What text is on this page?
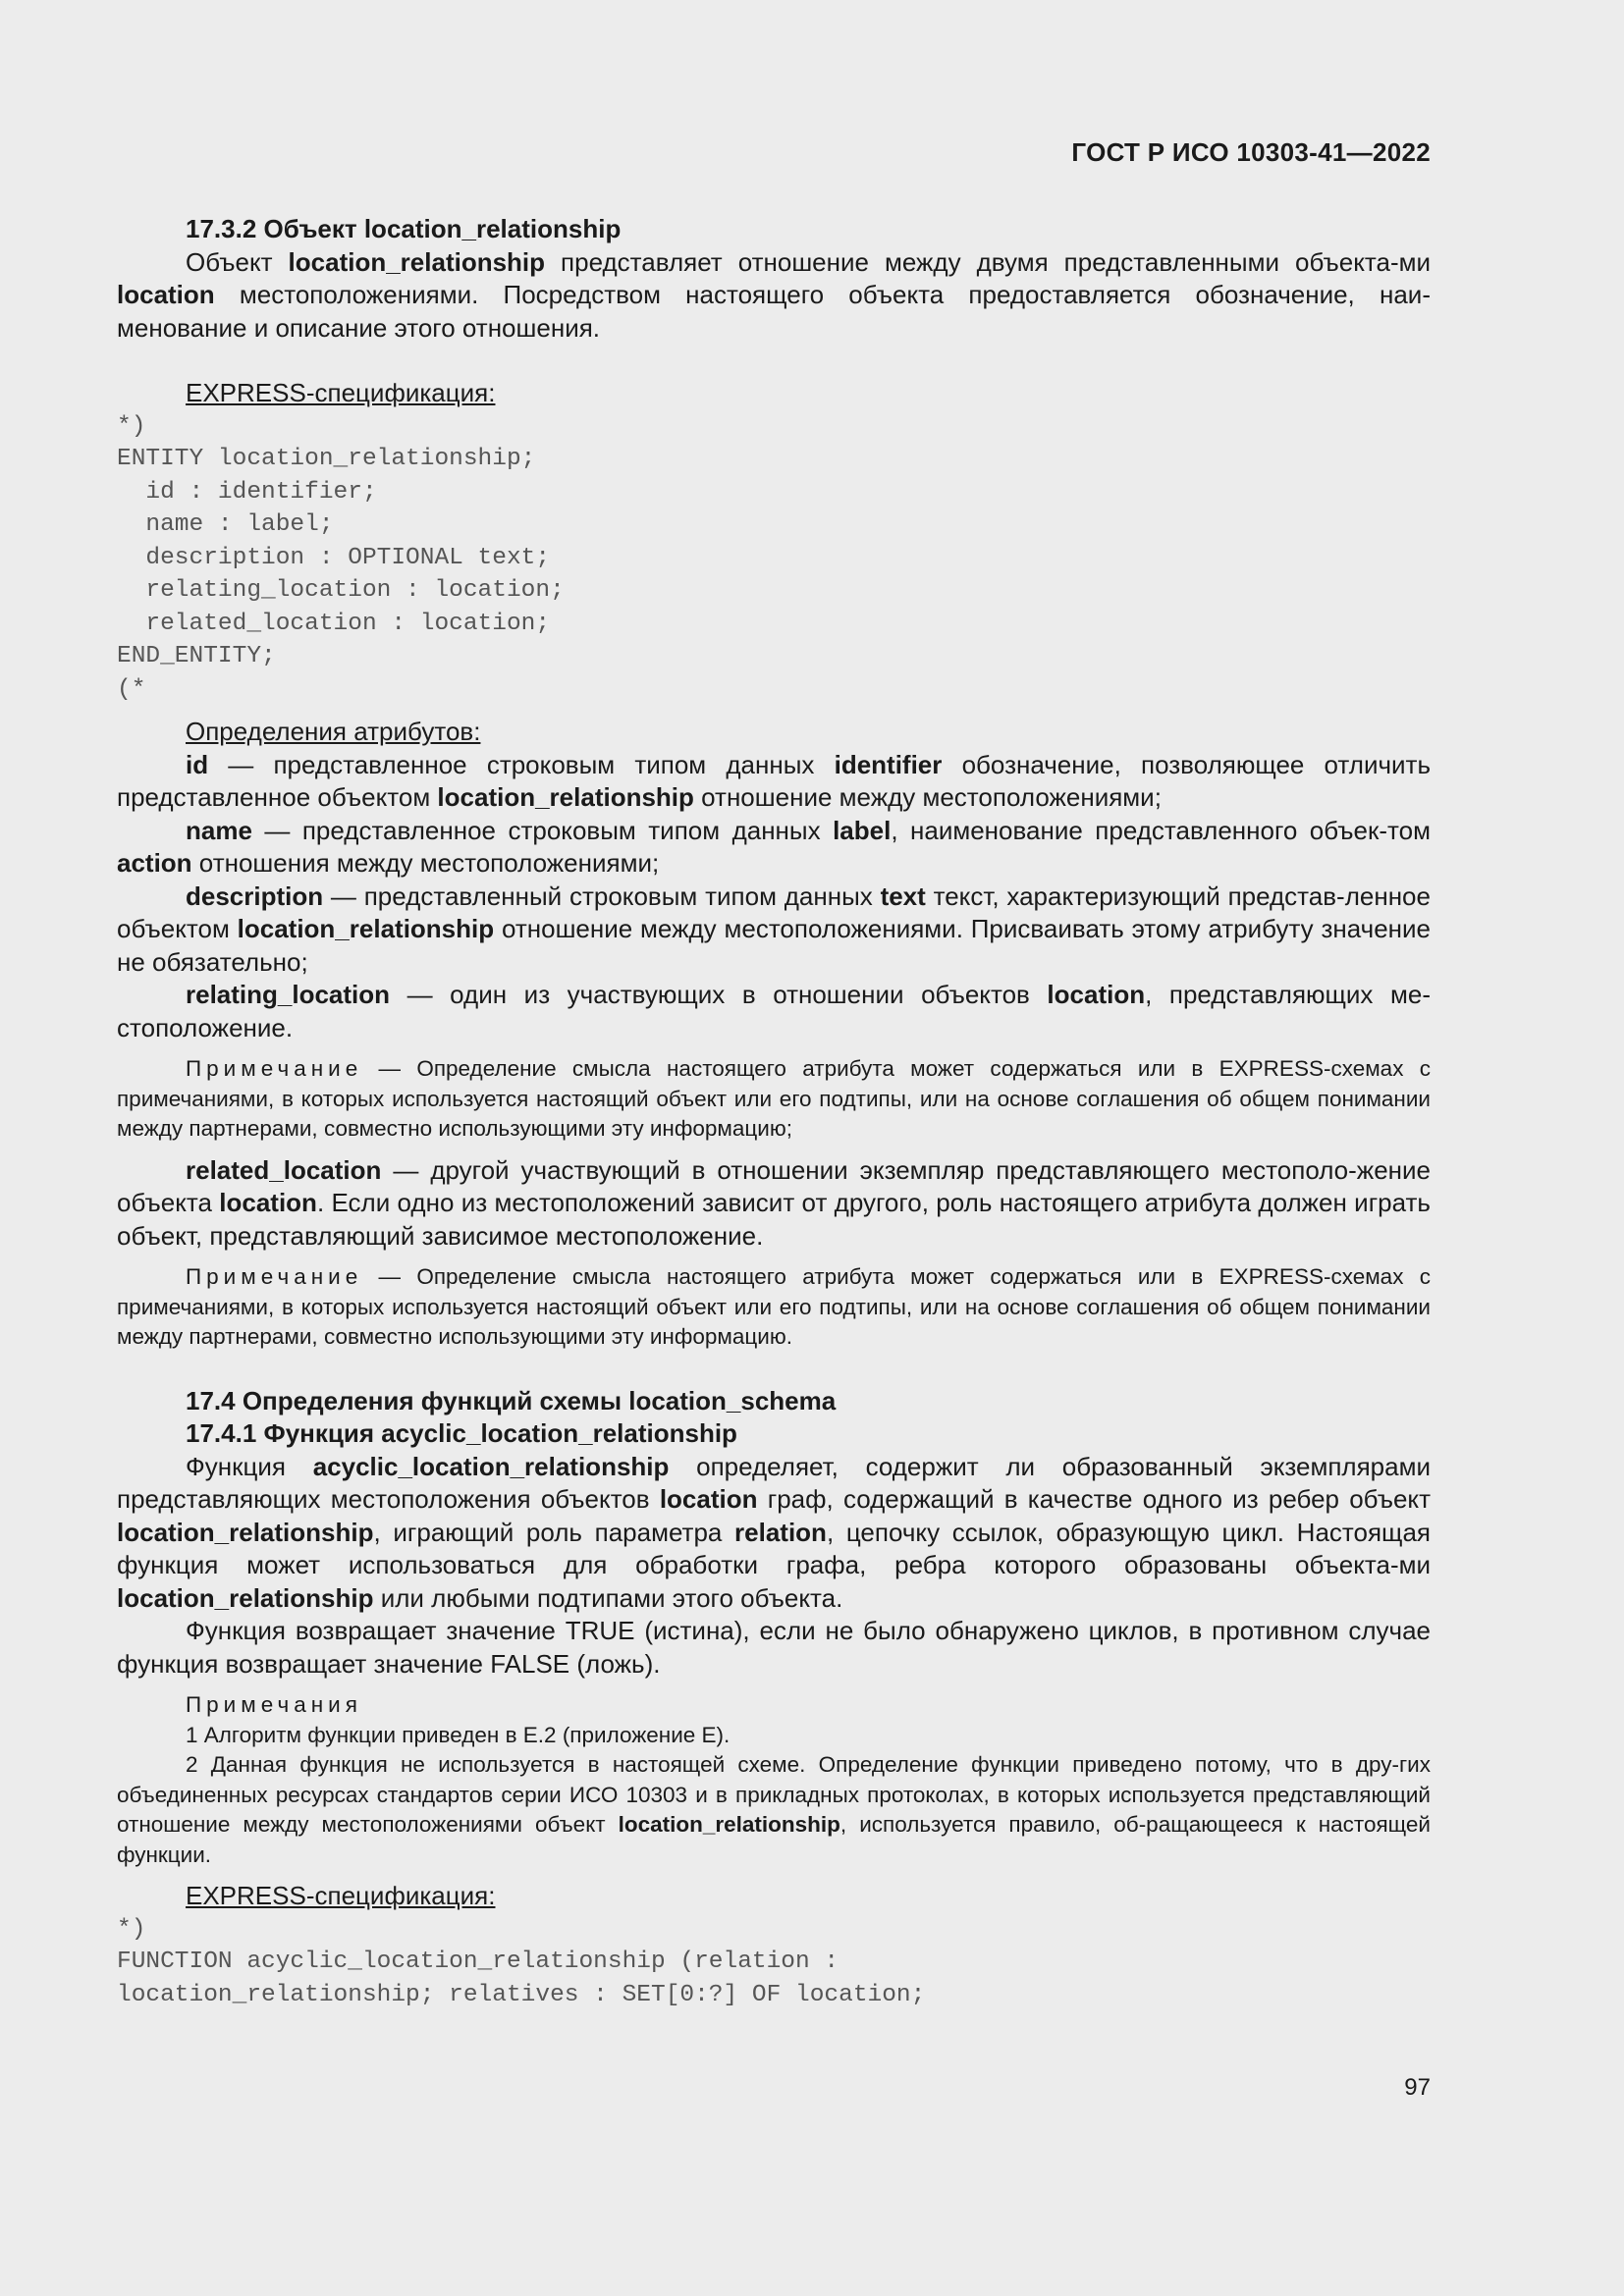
ГОСТ Р ИСО 10303-41—2022
17.3.2 Объект location_relationship

Объект location_relationship представляет отношение между двумя представленными объекта-ми location местоположениями. Посредством настоящего объекта предоставляется обозначение, наи-менование и описание этого отношения.

EXPRESS-спецификация:
*)
ENTITY location_relationship;
id : identifier;
name : label;
description : OPTIONAL text;
relating_location : location;
related_location : location;
END_ENTITY;
(*
Определения атрибутов:

id — представленное строковым типом данных identifier обозначение, позволяющее отличить представленное объектом location_relationship отношение между местоположениями;

name — представленное строковым типом данных label, наименование представленного объек-том action отношения между местоположениями;

description — представленный строковым типом данных text текст, характеризующий представ-ленное объектом location_relationship отношение между местоположениями. Присваивать этому атрибуту значение не обязательно;

relating_location — один из участвующих в отношении объектов location, представляющих ме-стоположение.

Примечание — Определение смысла настоящего атрибута может содержаться или в EXPRESS-схемах с примечаниями, в которых используется настоящий объект или его подтипы, или на основе соглашения об общем понимании между партнерами, совместно использующими эту информацию;

related_location — другой участвующий в отношении экземпляр представляющего местополо-жение объекта location. Если одно из местоположений зависит от другого, роль настоящего атрибута должен играть объект, представляющий зависимое местоположение.

Примечание — Определение смысла настоящего атрибута может содержаться или в EXPRESS-схемах с примечаниями, в которых используется настоящий объект или его подтипы, или на основе соглашения об общем понимании между партнерами, совместно использующими эту информацию.

17.4 Определения функций схемы location_schema
17.4.1 Функция acyclic_location_relationship

Функция acyclic_location_relationship определяет, содержит ли образованный экземплярами представляющих местоположения объектов location граф, содержащий в качестве одного из ребер объект location_relationship, играющий роль параметра relation, цепочку ссылок, образующую цикл. Настоящая функция может использоваться для обработки графа, ребра которого образованы объекта-ми location_relationship или любыми подтипами этого объекта.

Функция возвращает значение TRUE (истина), если не было обнаружено циклов, в противном случае функция возвращает значение FALSE (ложь).

Примечания

1 Алгоритм функции приведен в Е.2 (приложение Е).

2 Данная функция не используется в настоящей схеме. Определение функции приведено потому, что в дру-гих объединенных ресурсах стандартов серии ИСО 10303 и в прикладных протоколах, в которых используется представляющий отношение между местоположениями объект location_relationship, используется правило, об-ращающееся к настоящей функции.

EXPRESS-спецификация:
*)
FUNCTION acyclic_location_relationship (relation :
location_relationship; relatives : SET[0:?] OF location;
97
